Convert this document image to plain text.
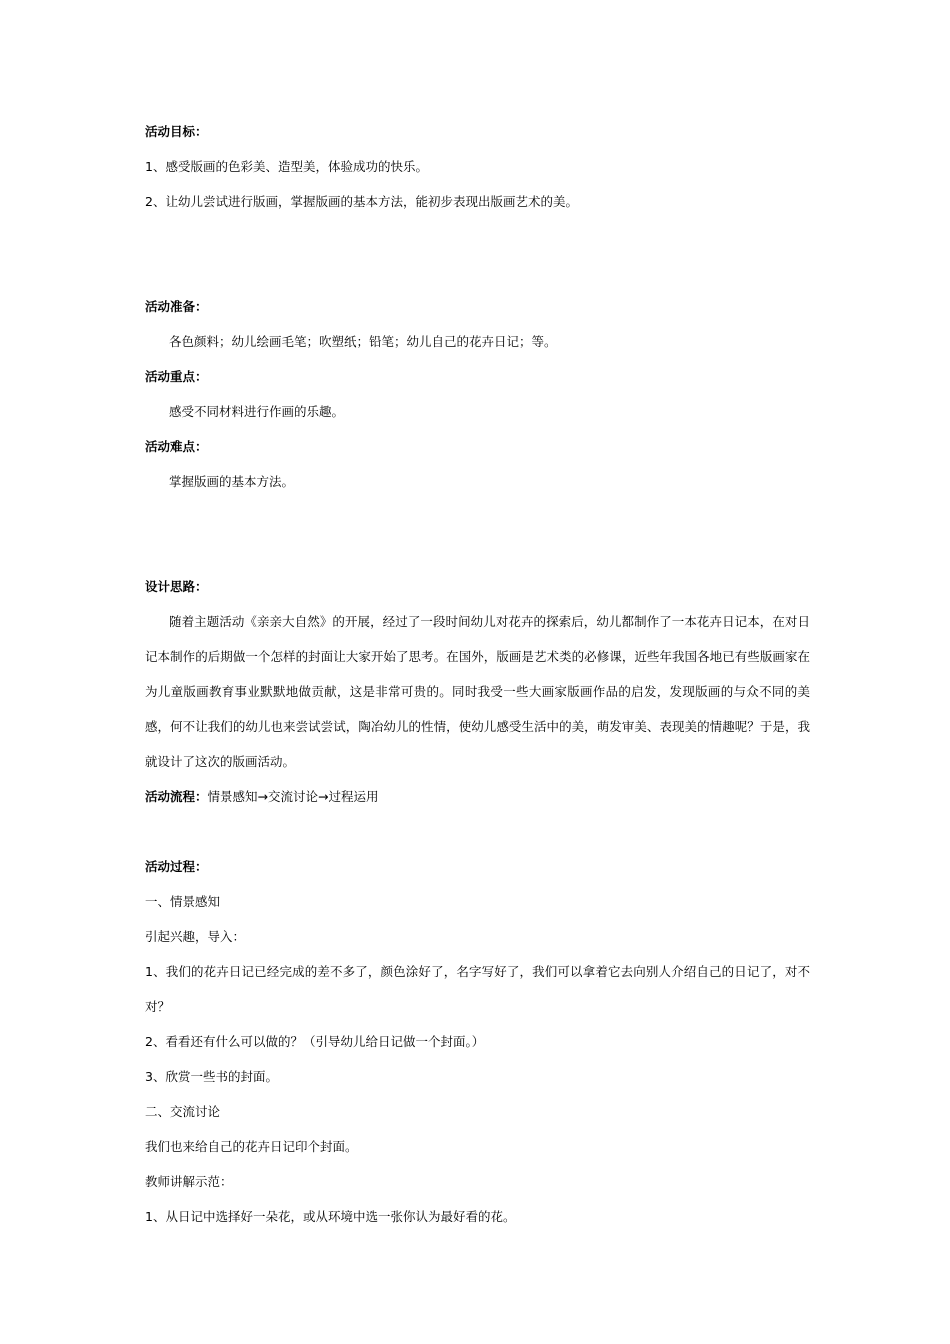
活动目标：
1、感受版画的色彩美、造型美，体验成功的快乐。
2、让幼儿尝试进行版画，掌握版画的基本方法，能初步表现出版画艺术的美。
活动准备：
各色颜料；幼儿绘画毛笔；吹塑纸；铅笔；幼儿自己的花卉日记；等。
活动重点：
感受不同材料进行作画的乐趣。
活动难点：
掌握版画的基本方法。
设计思路：
随着主题活动《亲亲大自然》的开展，经过了一段时间幼儿对花卉的探索后，幼儿都制作了一本花卉日记本，在对日记本制作的后期做一个怎样的封面让大家开始了思考。在国外，版画是艺术类的必修课，近些年我国各地已有些版画家在为儿童版画教育事业默默地做贡献，这是非常可贵的。同时我受一些大画家版画作品的启发，发现版画的与众不同的美感，何不让我们的幼儿也来尝试尝试，陶冶幼儿的性情，使幼儿感受生活中的美，萌发审美、表现美的情趣呢？于是，我就设计了这次的版画活动。
活动流程：情景感知→交流讨论→过程运用
活动过程：
一、情景感知
引起兴趣，导入：
1、我们的花卉日记已经完成的差不多了，颜色涂好了，名字写好了，我们可以拿着它去向别人介绍自己的日记了，对不对？
2、看看还有什么可以做的？（引导幼儿给日记做一个封面。）
3、欣赏一些书的封面。
二、交流讨论
我们也来给自己的花卉日记印个封面。
教师讲解示范：
1、从日记中选择好一朵花，或从环境中选一张你认为最好看的花。
